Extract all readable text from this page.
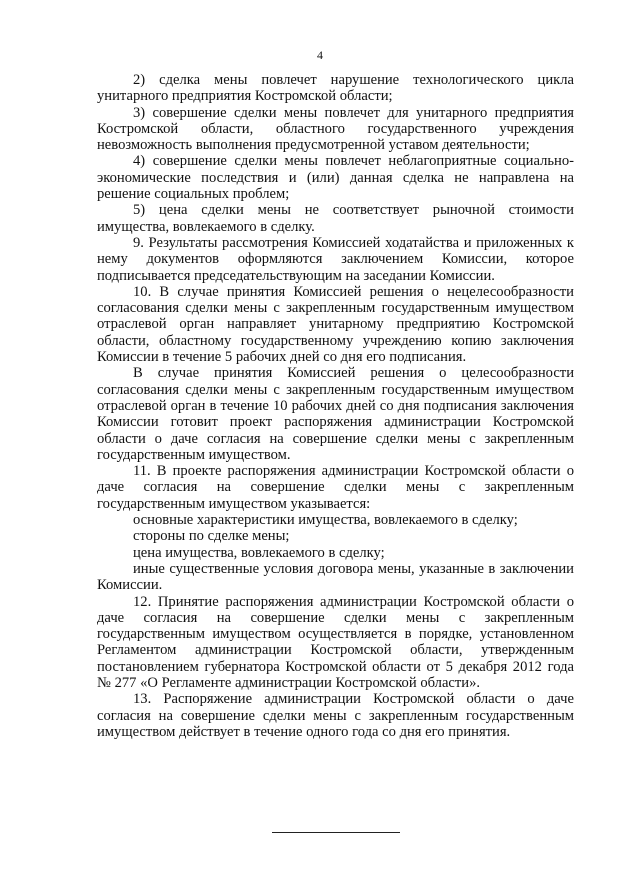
4

2) сделка мены повлечет нарушение технологического цикла унитарного предприятия Костромской области;

3) совершение сделки мены повлечет для унитарного предприятия Костромской области, областного государственного учреждения невозможность выполнения предусмотренной уставом деятельности;

4) совершение сделки мены повлечет неблагоприятные социально-экономические последствия и (или) данная сделка не направлена на решение социальных проблем;

5) цена сделки мены не соответствует рыночной стоимости имущества, вовлекаемого в сделку.

9. Результаты рассмотрения Комиссией ходатайства и приложенных к нему документов оформляются заключением Комиссии, которое подписывается председательствующим на заседании Комиссии.

10. В случае принятия Комиссией решения о нецелесообразности согласования сделки мены с закрепленным государственным имуществом отраслевой орган направляет унитарному предприятию Костромской области, областному государственному учреждению копию заключения Комиссии в течение 5 рабочих дней со дня его подписания.

В случае принятия Комиссией решения о целесообразности согласования сделки мены с закрепленным государственным имуществом отраслевой орган в течение 10 рабочих дней со дня подписания заключения Комиссии готовит проект распоряжения администрации Костромской области о даче согласия на совершение сделки мены с закрепленным государственным имуществом.

11. В проекте распоряжения администрации Костромской области о даче согласия на совершение сделки мены с закрепленным государственным имуществом указывается:

основные характеристики имущества, вовлекаемого в сделку;

стороны по сделке мены;

цена имущества, вовлекаемого в сделку;

иные существенные условия договора мены, указанные в заключении Комиссии.

12. Принятие распоряжения администрации Костромской области о даче согласия на совершение сделки мены с закрепленным государственным имуществом осуществляется в порядке, установленном Регламентом администрации Костромской области, утвержденным постановлением губернатора Костромской области от 5 декабря 2012 года № 277 «О Регламенте администрации Костромской области».

13. Распоряжение администрации Костромской области о даче согласия на совершение сделки мены с закрепленным государственным имуществом действует в течение одного года со дня его принятия.
